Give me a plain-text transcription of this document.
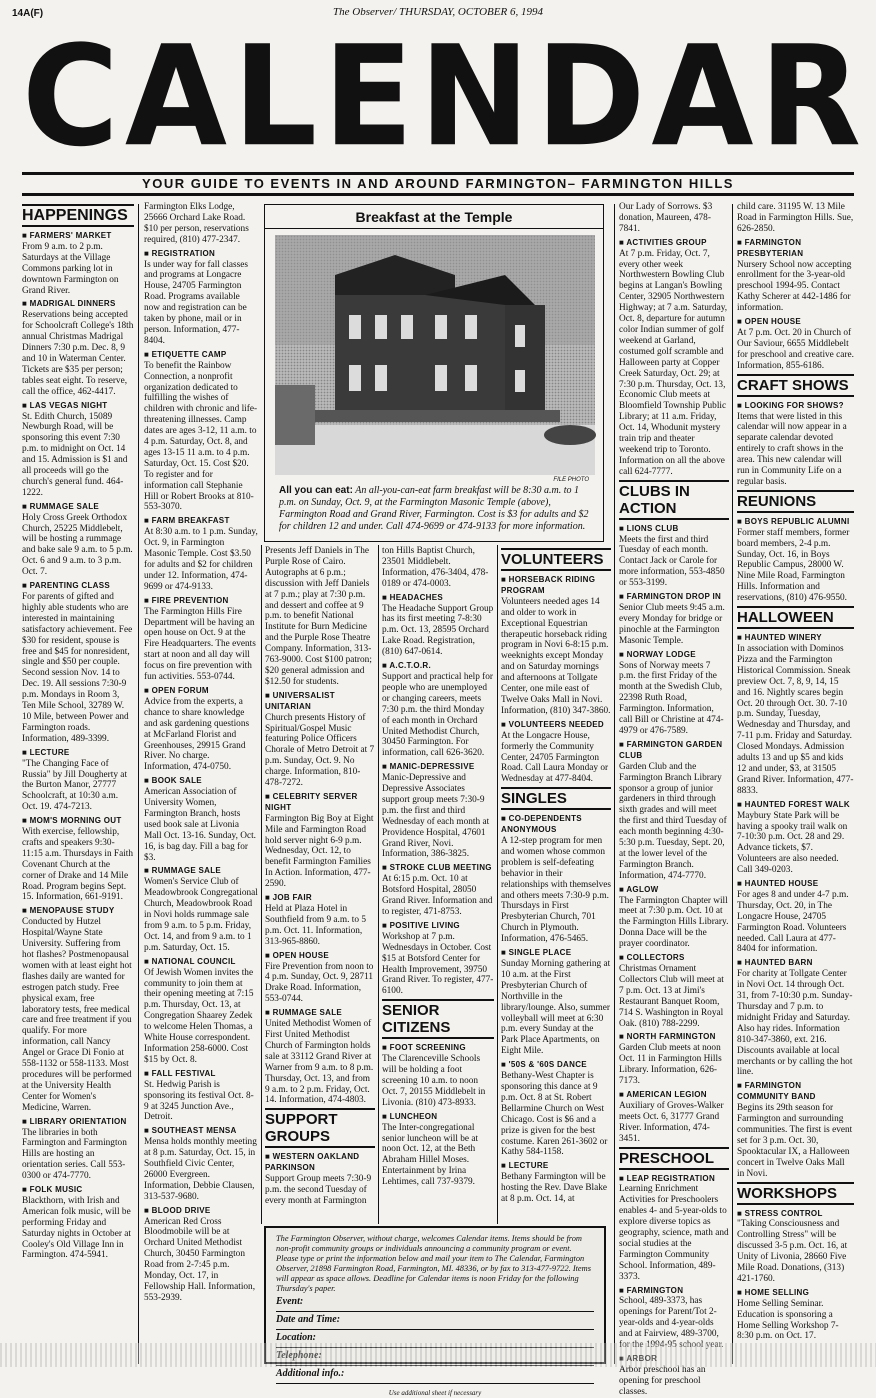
14A(F)	The Observer/ THURSDAY, OCTOBER 6, 1994
CALENDAR
YOUR GUIDE TO EVENTS IN AND AROUND FARMINGTON– FARMINGTON HILLS
HAPPENINGS
■ FARMERS' MARKET

From 9 a.m. to 2 p.m. Saturdays at the Village Commons parking lot in downtown Farmington on Grand River.

■ MADRIGAL DINNERS

Reservations being accepted for Schoolcraft College's 18th annual Christmas Madrigal Dinners 7:30 p.m. Dec. 8, 9 and 10 in Waterman Center. Tickets are $35 per person; tables seat eight. To reserve, call the office, 462-4417.

■ LAS VEGAS NIGHT

St. Edith Church, 15089 Newburgh Road, will be sponsoring this event 7:30 p.m. to midnight on Oct. 14 and 15. Admission is $1 and all proceeds will go the church's general fund. 464-1222.

■ RUMMAGE SALE

Holy Cross Greek Orthodox Church, 25225 Middlebelt, will be hosting a rummage and bake sale 9 a.m. to 5 p.m. Oct. 6 and 9 a.m. to 3 p.m. Oct. 7.

■ PARENTING CLASS

For parents of gifted and highly able students who are interested in maintaining satisfactory achievement. Fee $30 for resident, spouse is free and $45 for nonresident, single and $50 per couple. Second session Nov. 14 to Dec. 19. All sessions 7:30-9 p.m. Mondays in Room 3, Ten Mile School, 32789 W. 10 Mile, between Power and Farmington roads. Information, 489-3399.

■ LECTURE

"The Changing Face of Russia" by Jill Dougherty at the Burton Manor, 27777 Schoolcraft, at 10:30 a.m. Oct. 19. 474-7213.

■ MOM'S MORNING OUT

With exercise, fellowship, crafts and speakers 9:30-11:15 a.m. Thursdays in Faith Covenant Church at the corner of Drake and 14 Mile Road. Program begins Sept. 15. Information, 661-9191.

■ MENOPAUSE STUDY

Conducted by Hutzel Hospital/Wayne State University. Suffering from hot flashes? Postmenopausal women with at least eight hot flashes daily are wanted for estrogen patch study. Free physical exam, free laboratory tests, free medical care and free treatment if you qualify. For more information, call Nancy Angel or Grace Di Fonio at 558-1132 or 558-1133. Most procedures will be performed at the University Health Center for Women's Medicine, Warren.

■ LIBRARY ORIENTATION

The libraries in both Farmington and Farmington Hills are hosting an orientation series. Call 553-0300 or 474-7770.

■ FOLK MUSIC

Blackthorn, with Irish and American folk music, will be performing Friday and Saturday nights in October at Cooley's Old Village Inn in Farmington. 474-5941.

Farmington Elks Lodge, 25666 Orchard Lake Road. $10 per person, reservations required, (810) 477-2347.

■ REGISTRATION

Is under way for fall classes and programs at Longacre House, 24705 Farmington Road. Programs available now and registration can be taken by phone, mail or in person. Information, 477-8404.

■ ETIQUETTE CAMP

To benefit the Rainbow Connection, a nonprofit organization dedicated to fulfilling the wishes of children with chronic and life-threatening illnesses. Camp dates are ages 3-12, 11 a.m. to 4 p.m. Saturday, Oct. 8, and ages 13-15 11 a.m. to 4 p.m. Saturday, Oct. 15. Cost $20. To register and for information call Stephanie Hill or Robert Brooks at 810-553-3070.

■ FARM BREAKFAST

At 8:30 a.m. to 1 p.m. Sunday, Oct. 9, in Farmington Masonic Temple. Cost $3.50 for adults and $2 for children under 12. Information, 474-9699 or 474-9133.

■ FIRE PREVENTION

The Farmington Hills Fire Department will be having an open house on Oct. 9 at the Fire Headquarters. The events start at noon and all day will focus on fire prevention with fun activities. 553-0744.

■ OPEN FORUM

Advice from the experts, a chance to share knowledge and ask gardening questions at McFarland Florist and Greenhouses, 29915 Grand River. No charge. Information, 474-0750.

■ BOOK SALE

American Association of University Women, Farmington Branch, hosts used book sale at Livonia Mall Oct. 13-16. Sunday, Oct. 16, is bag day. Fill a bag for $3.

■ RUMMAGE SALE

Women's Service Club of Meadowbrook Congregational Church, Meadowbrook Road in Novi holds rummage sale from 9 a.m. to 5 p.m. Friday, Oct. 14, and from 9 a.m. to 1 p.m. Saturday, Oct. 15.

■ NATIONAL COUNCIL

Of Jewish Women invites the community to join them at their opening meeting at 7:15 p.m. Thursday, Oct. 13, at Congregation Shaarey Zedek to welcome Helen Thomas, a White House correspondent. Information 258-6000. Cost $15 by Oct. 8.

■ FALL FESTIVAL

St. Hedwig Parish is sponsoring its festival Oct. 8-9 at 3245 Junction Ave., Detroit.

■ SOUTHEAST MENSA

Mensa holds monthly meeting at 8 p.m. Saturday, Oct. 15, in Southfield Civic Center, 26000 Evergreen. Information, Debbie Clausen, 313-537-9680.

■ BLOOD DRIVE

American Red Cross Bloodmobile will be at Orchard United Methodist Church, 30450 Farmington Road from 2-7:45 p.m. Monday, Oct. 17, in Fellowship Hall. Information, 553-2939.

Breakfast at the Temple
FILE PHOTO
All you can eat: An all-you-can-eat farm breakfast will be 8:30 a.m. to 1 p.m. on Sunday, Oct. 9, at the Farmington Masonic Temple (above), Farmington Road and Grand River, Farmington. Cost is $3 for adults and $2 for children 12 and under. Call 474-9699 or 474-9133 for more information.

Presents Jeff Daniels in The Purple Rose of Cairo. Autographs at 6 p.m.; discussion with Jeff Daniels at 7 p.m.; play at 7:30 p.m. and dessert and coffee at 9 p.m. to benefit National Institute for Burn Medicine and the Purple Rose Theatre Company. Information, 313-763-9000. Cost $100 patron; $20 general admission and $12.50 for students.

■ UNIVERSALIST UNITARIAN

Church presents History of Spiritual/Gospel Music featuring Police Officers Chorale of Metro Detroit at 7 p.m. Sunday, Oct. 9. No charge. Information, 810-478-7272.

■ CELEBRITY SERVER NIGHT

Farmington Big Boy at Eight Mile and Farmington Road hold server night 6-9 p.m. Wednesday, Oct. 12, to benefit Farmington Families In Action. Information, 477-2590.

■ JOB FAIR

Held at Plaza Hotel in Southfield from 9 a.m. to 5 p.m. Oct. 11. Information, 313-965-8860.

■ OPEN HOUSE

Fire Prevention from noon to 4 p.m. Sunday, Oct. 9, 28711 Drake Road. Information, 553-0744.

■ RUMMAGE SALE

United Methodist Women of First United Methodist Church of Farmington holds sale at 33112 Grand River at Warner from 9 a.m. to 8 p.m. Thursday, Oct. 13, and from 9 a.m. to 2 p.m. Friday, Oct. 14. Information, 474-4803.

SUPPORT GROUPS
■ WESTERN OAKLAND PARKINSON

Support Group meets 7:30-9 p.m. the second Tuesday of every month at Farmington

ton Hills Baptist Church, 23501 Middlebelt. Information, 476-3404, 478-0189 or 474-0003.

■ HEADACHES

The Headache Support Group has its first meeting 7-8:30 p.m. Oct. 13, 28595 Orchard Lake Road. Registration, (810) 647-0614.

■ A.C.T.O.R.

Support and practical help for people who are unemployed or changing careers, meets 7:30 p.m. the third Monday of each month in Orchard United Methodist Church, 30450 Farmington. For information, call 626-3620.

■ MANIC-DEPRESSIVE

Manic-Depressive and Depressive Associates support group meets 7:30-9 p.m. the first and third Wednesday of each month at Providence Hospital, 47601 Grand River, Novi. Information, 386-3825.

■ STROKE CLUB MEETING

At 6:15 p.m. Oct. 10 at Botsford Hospital, 28050 Grand River. Information and to register, 471-8753.

■ POSITIVE LIVING

Workshop at 7 p.m. Wednesdays in October. Cost $15 at Botsford Center for Health Improvement, 39750 Grand River. To register, 477-6100.

SENIOR CITIZENS
■ FOOT SCREENING

The Clarenceville Schools will be holding a foot screening 10 a.m. to noon Oct. 7, 20155 Middlebelt in Livonia. (810) 473-8933.

■ LUNCHEON

The Inter-congregational senior luncheon will be at noon Oct. 12, at the Beth Abraham Hillel Moses. Entertainment by Irina Lehtimes, call 737-9379.

VOLUNTEERS
■ HORSEBACK RIDING PROGRAM

Volunteers needed ages 14 and older to work in Exceptional Equestrian therapeutic horseback riding program in Novi 6-8:15 p.m. weeknights except Monday and on Saturday mornings and afternoons at Tollgate Center, one mile east of Twelve Oaks Mall in Novi. Information, (810) 347-3860.

■ VOLUNTEERS NEEDED

At the Longacre House, formerly the Community Center, 24705 Farmington Road. Call Laura Monday or Wednesday at 477-8404.

SINGLES
■ CO-DEPENDENTS ANONYMOUS

A 12-step program for men and women whose common problem is self-defeating behavior in their relationships with themselves and others meets 7:30-9 p.m. Thursdays in First Presbyterian Church, 701 Church in Plymouth. Information, 476-5465.

■ SINGLE PLACE

Sunday Morning gathering at 10 a.m. at the First Presbyterian Church of Northville in the library/lounge. Also, summer volleyball will meet at 6:30 p.m. every Sunday at the Park Place Apartments, on Eight Mile.

■ '50S & '60S DANCE

Bethany-West Chapter is sponsoring this dance at 9 p.m. Oct. 8 at St. Robert Bellarmine Church on West Chicago. Cost is $6 and a prize is given for the best costume. Karen 261-3602 or Kathy 584-1158.

■ LECTURE

Bethany Farmington will be hosting the Rev. Dave Blake at 8 p.m. Oct. 14, at

Our Lady of Sorrows. $3 donation, Maureen, 478-7841.

■ ACTIVITIES GROUP

At 7 p.m. Friday, Oct. 7, every other week Northwestern Bowling Club begins at Langan's Bowling Center, 32905 Northwestern Highway; at 7 a.m. Saturday, Oct. 8, departure for autumn color Indian summer of golf weekend at Garland, costumed golf scramble and Halloween party at Copper Creek Saturday, Oct. 29; at 7:30 p.m. Thursday, Oct. 13, Economic Club meets at Bloomfield Township Public Library; at 11 a.m. Friday, Oct. 14, Whodunit mystery train trip and theater weekend trip to Toronto. Information on all the above call 624-7777.

CLUBS IN ACTION
■ LIONS CLUB

Meets the first and third Tuesday of each month. Contact Jack or Carole for more information, 553-4850 or 553-3199.

■ FARMINGTON DROP IN

Senior Club meets 9:45 a.m. every Monday for bridge or pinochle at the Farmington Masonic Temple.

■ NORWAY LODGE

Sons of Norway meets 7 p.m. the first Friday of the month at the Swedish Club, 22398 Ruth Road, Farmington. Information, call Bill or Christine at 474-4979 or 476-7589.

■ FARMINGTON GARDEN CLUB

Garden Club and the Farmington Branch Library sponsor a group of junior gardeners in third through sixth grades and will meet the first and third Tuesday of each month beginning 4:30-5:30 p.m. Tuesday, Sept. 20, at the lower level of the Farmington Branch. Information, 474-7770.

■ AGLOW

The Farmington Chapter will meet at 7:30 p.m. Oct. 10 at the Farmington Hills Library. Donna Dace will be the prayer coordinator.

■ COLLECTORS

Christmas Ornament Collectors Club will meet at 7 p.m. Oct. 13 at Jimi's Restaurant Banquet Room, 714 S. Washington in Royal Oak. (810) 788-2299.

■ NORTH FARMINGTON

Garden Club meets at noon Oct. 11 in Farmington Hills Library. Information, 626-7173.

■ AMERICAN LEGION

Auxiliary of Groves-Walker meets Oct. 6, 31777 Grand River. Information, 474-3451.

PRESCHOOL
■ LEAP REGISTRATION

Learning Enrichment Activities for Preschoolers enables 4- and 5-year-olds to explore diverse topics as geography, science, math and social studies at the Farmington Community School. Information, 489-3373.

■ FARMINGTON

School, 489-3373, has openings for Parent/Tot 2-year-olds and 4-year-olds and at Fairview, 489-3700, for the 1994-95 school year.

■ ARBOR

Arbor preschool has an opening for preschool classes.

child care. 31195 W. 13 Mile Road in Farmington Hills. Sue, 626-2850.

■ FARMINGTON PRESBYTERIAN

Nursery School now accepting enrollment for the 3-year-old preschool 1994-95. Contact Kathy Scherer at 442-1486 for information.

■ OPEN HOUSE

At 7 p.m. Oct. 20 in Church of Our Saviour, 6655 Middlebelt for preschool and creative care. Information, 855-6186.

CRAFT SHOWS
■ LOOKING FOR SHOWS?

Items that were listed in this calendar will now appear in a separate calendar devoted entirely to craft shows in the area. This new calendar will run in Community Life on a regular basis.

REUNIONS
■ BOYS REPUBLIC ALUMNI

Former staff members, former board members, 2-4 p.m. Sunday, Oct. 16, in Boys Republic Campus, 28000 W. Nine Mile Road, Farmington Hills. Information and reservations, (810) 476-9550.

HALLOWEEN
■ HAUNTED WINERY

In association with Dominos Pizza and the Farmington Historical Commission. Sneak preview Oct. 7, 8, 9, 14, 15 and 16. Nightly scares begin Oct. 20 through Oct. 30. 7-10 p.m. Sunday, Tuesday, Wednesday and Thursday, and 7-11 p.m. Friday and Saturday. Closed Mondays. Admission adults 13 and up $5 and kids 12 and under, $3, at 31505 Grand River. Information, 477-8833.

■ HAUNTED FOREST WALK

Maybury State Park will be having a spooky trail walk on 7-10:30 p.m. Oct. 28 and 29. Advance tickets, $7. Volunteers are also needed. Call 349-0203.

■ HAUNTED HOUSE

For ages 8 and under 4-7 p.m. Thursday, Oct. 20, in The Longacre House, 24705 Farmington Road. Volunteers needed. Call Laura at 477-8404 for information.

■ HAUNTED BARN

For charity at Tollgate Center in Novi Oct. 14 through Oct. 31, from 7-10:30 p.m. Sunday-Thursday and 7 p.m. to midnight Friday and Saturday. Also hay rides. Information 810-347-3860, ext. 216. Discounts available at local merchants or by calling the hot line.

■ FARMINGTON COMMUNITY BAND

Begins its 29th season for Farmington and surrounding communities. The first is event set for 3 p.m. Oct. 30, Spooktacular IX, a Halloween concert in Twelve Oaks Mall in Novi.

WORKSHOPS
■ STRESS CONTROL

"Taking Consciousness and Controlling Stress" will be discussed 3-5 p.m. Oct. 16, at Unity of Livonia, 28660 Five Mile Road. Donations, (313) 421-1760.

■ HOME SELLING

Home Selling Seminar. Education is sponsoring a Home Selling Workshop 7-8:30 p.m. on Oct. 17.

The Farmington Observer, without charge, welcomes Calendar items. Items should be from non-profit community groups or individuals announcing a community program or event. Please type or print the information below and mail your item to The Calendar, Farmington Observer, 21898 Farmington Road, Farmington, MI. 48336, or by fax to 313-477-9722. Items will appear as space allows. Deadline for Calendar items is noon Friday for the following Thursday's paper.
Event:
Date and Time:
Location:
Telephone:
Additional info.:
Use additional sheet if necessary
